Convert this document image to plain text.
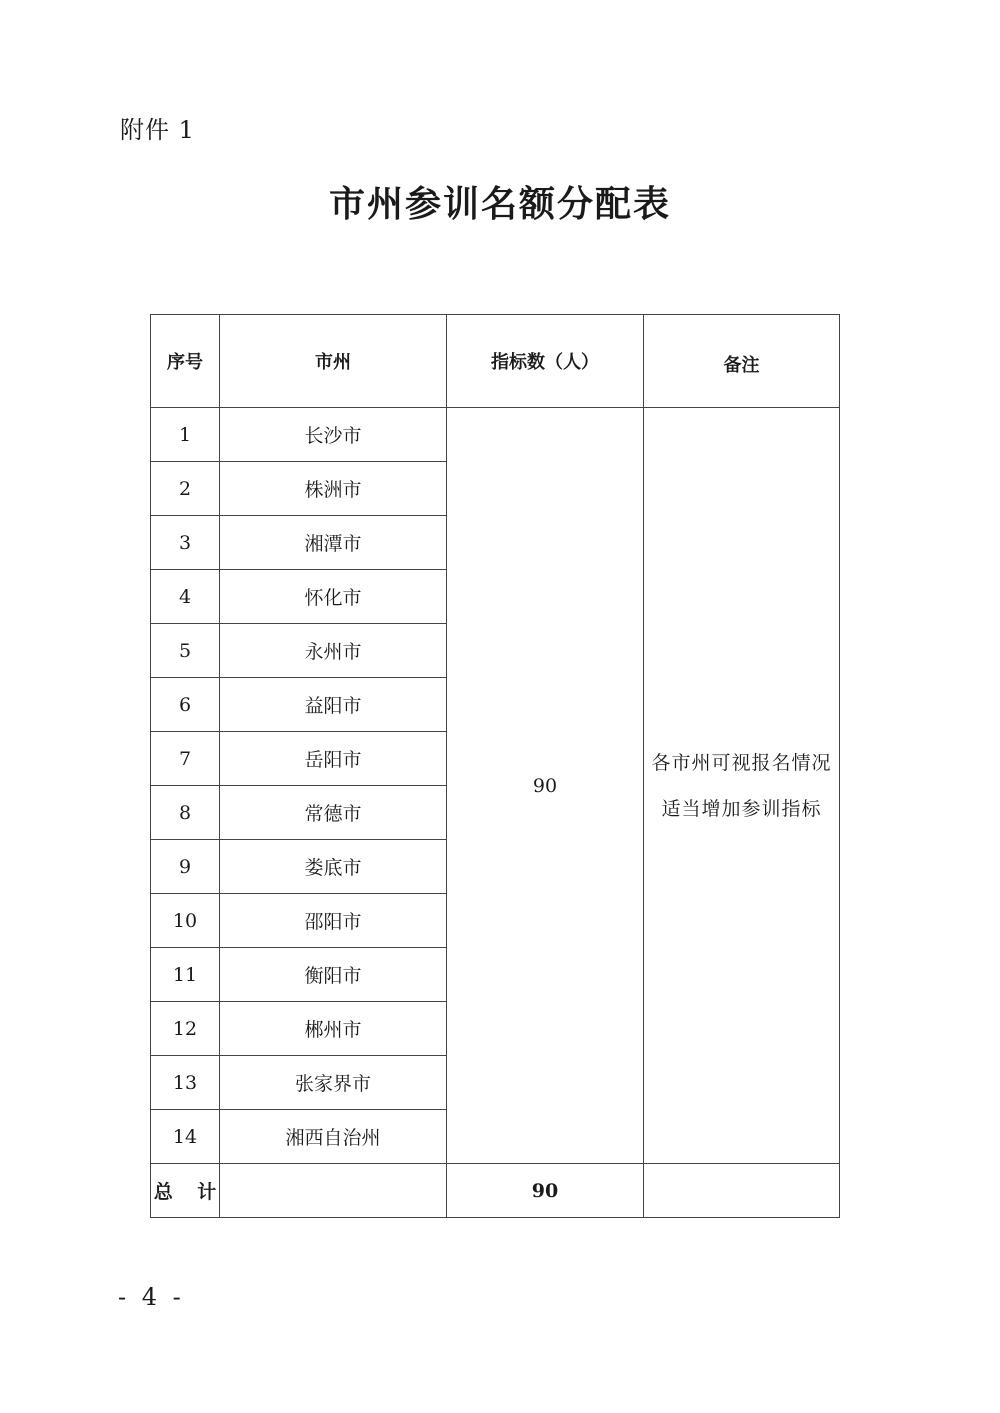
附件 1
市州参训名额分配表
序号	市州	指标数（人）	备注
1	长沙市	90	各市州可视报名情况
适当增加参训指标

2	株洲市		
3	湘潭市		
4	怀化市		
5	永州市		
6	益阳市		
7	岳阳市		
8	常德市		
9	娄底市		
10	邵阳市		
11	衡阳市		
12	郴州市		
13	张家界市		
14	湘西自治州		
总 计		90	
- 4 -
